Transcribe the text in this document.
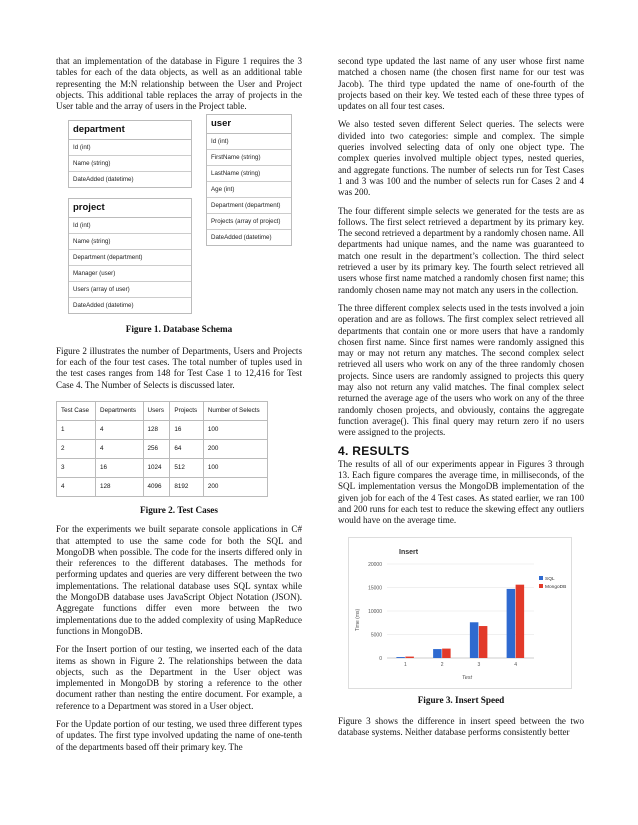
that an implementation of the database in Figure 1 requires the 3 tables for each of the data objects, as well as an additional table representing the M:N relationship between the User and Project objects. This additional table replaces the array of projects in the User table and the array of users in the Project table.

department
Id (int)
Name (string)
DateAdded (datetime)
project
Id (int)
Name (string)
Department (department)
Manager (user)
Users (array of user)
DateAdded (datetime)
user
Id (int)
FirstName (string)
LastName (string)
Age (int)
Department (department)
Projects (array of project)
DateAdded (datetime)

Figure 1. Database Schema

Figure 2 illustrates the number of Departments, Users and Projects for each of the four test cases. The total number of tuples used in the test cases ranges from 148 for Test Case 1 to 12,416 for Test Case 4. The Number of Selects is discussed later.

Test Case	Departments	Users	Projects	Number of Selects
1	4	128	16	100
2	4	256	64	200
3	16	1024	512	100
4	128	4096	8192	200

Figure 2. Test Cases

For the experiments we built separate console applications in C# that attempted to use the same code for both the SQL and MongoDB when possible. The code for the inserts differed only in their references to the different databases. The methods for performing updates and queries are very different between the two implementations. The relational database uses SQL syntax while the MongoDB database uses JavaScript Object Notation (JSON). Aggregate functions differ even more between the two implementations due to the added complexity of using MapReduce functions in MongoDB.

For the Insert portion of our testing, we inserted each of the data items as shown in Figure 2. The relationships between the data objects, such as the Department in the User object was implemented in MongoDB by storing a reference to the other document rather than nesting the entire document. For example, a reference to a Department was stored in a User object.

For the Update portion of our testing, we used three different types of updates. The first type involved updating the name of one-tenth of the departments based off their primary key. The

second type updated the last name of any user whose first name matched a chosen name (the chosen first name for our test was Jacob). The third type updated the name of one-fourth of the projects based on their key. We tested each of these three types of updates on all four test cases.

We also tested seven different Select queries. The selects were divided into two categories: simple and complex. The simple queries involved selecting data of only one object type. The complex queries involved multiple object types, nested queries, and aggregate functions. The number of selects run for Test Cases 1 and 3 was 100 and the number of selects run for Cases 2 and 4 was 200.

The four different simple selects we generated for the tests are as follows. The first select retrieved a department by its primary key. The second retrieved a department by a randomly chosen name. All departments had unique names, and the name was guaranteed to match one result in the department’s collection. The third select retrieved a user by its primary key. The fourth select retrieved all users whose first name matched a randomly chosen first name; this randomly chosen name may not match any users in the collection.

The three different complex selects used in the tests involved a join operation and are as follows. The first complex select retrieved all departments that contain one or more users that have a randomly chosen first name. Since first names were randomly assigned this may or may not return any matches. The second complex select retrieved all users who work on any of the three randomly chosen projects. Since users are randomly assigned to projects this query may also not return any valid matches. The final complex select returned the average age of the users who work on any of the three randomly chosen projects, and obviously, contains the aggregate function average(). This final query may return zero if no users were assigned to the projects.

4. RESULTS

The results of all of our experiments appear in Figures 3 through 13. Each figure compares the average time, in milliseconds, of the SQL implementation versus the MongoDB implementation of the given job for each of the 4 Test cases. As stated earlier, we ran 100 and 200 runs for each test to reduce the skewing effect any outliers would have on the average time.

0
5000
10000
15000
20000
1	2	3	4
Insert
Test
Time (ms)
SQL
MongoDB

Figure 3. Insert Speed

Figure 3 shows the difference in insert speed between the two database systems. Neither database performs consistently better
